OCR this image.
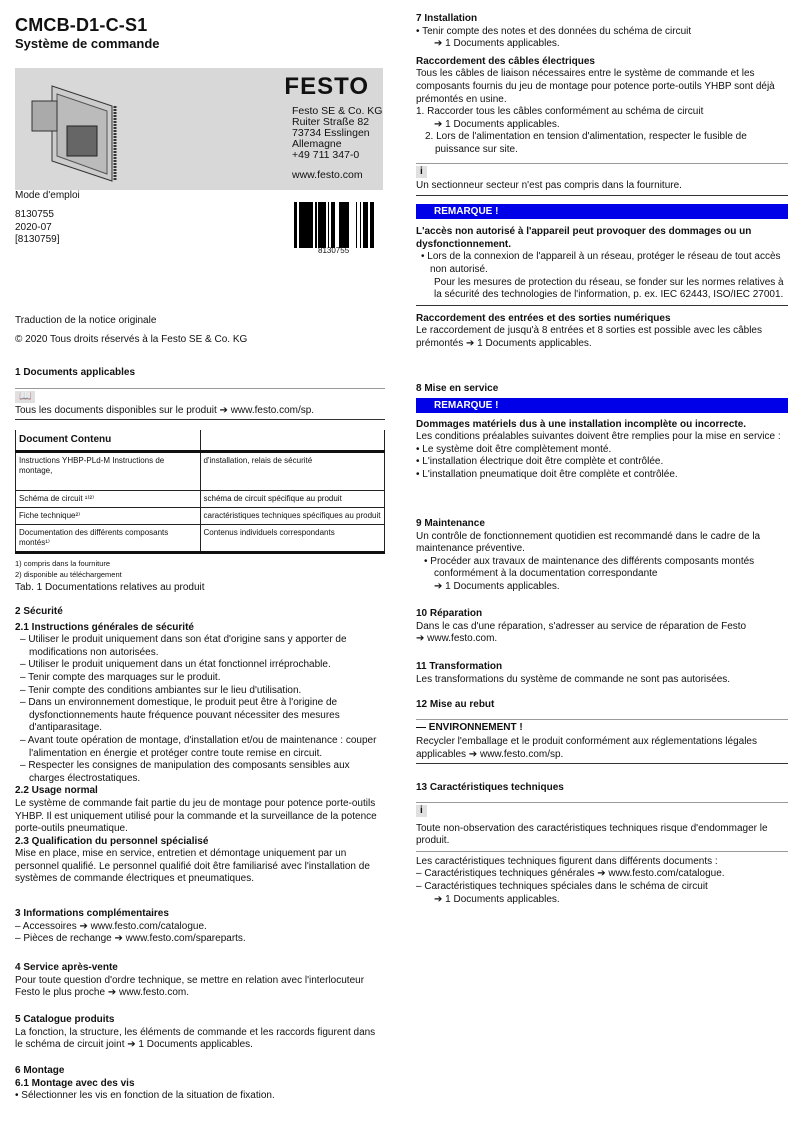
CMCB-D1-C-S1
Système de commande
FESTO
Festo SE & Co. KG
Ruiter Straße 82
73734 Esslingen
Allemagne
+49 711 347-0
www.festo.com
Mode d'emploi
8130755
2020-07
[8130759]
8130755
Traduction de la notice originale
© 2020 Tous droits réservés à la Festo SE & Co. KG
1 Documents applicables
📖
Tous les documents disponibles sur le produit ➔ www.festo.com/sp.
Document Contenu	
Instructions YHBP-PLd-M Instructions de montage,	d'installation, relais de sécurité
Schéma de circuit ¹⁾²⁾	schéma de circuit spécifique au produit
Fiche technique²⁾	caractéristiques techniques spécifiques au produit
Documentation des différents composants montés¹⁾	Contenus individuels correspondants
1) compris dans la fourniture
2) disponible au téléchargement
Tab. 1 Documentations relatives au produit
2 Sécurité
2.1 Instructions générales de sécurité
– Utiliser le produit uniquement dans son état d'origine sans y apporter de modifications non autorisées.
– Utiliser le produit uniquement dans un état fonctionnel irréprochable.
– Tenir compte des marquages sur le produit.
– Tenir compte des conditions ambiantes sur le lieu d'utilisation.
– Dans un environnement domestique, le produit peut être à l'origine de dysfonctionnements haute fréquence pouvant nécessiter des mesures d'antiparasitage.
– Avant toute opération de montage, d'installation et/ou de maintenance : couper l'alimentation en énergie et protéger contre toute remise en circuit.
– Respecter les consignes de manipulation des composants sensibles aux charges électrostatiques.
2.2 Usage normal
Le système de commande fait partie du jeu de montage pour potence porte-outils YHBP. Il est uniquement utilisé pour la commande et la surveillance de la potence porte-outils pneumatique.
2.3 Qualification du personnel spécialisé
Mise en place, mise en service, entretien et démontage uniquement par un personnel qualifié. Le personnel qualifié doit être familiarisé avec l'installation de systèmes de commande électriques et pneumatiques.
3 Informations complémentaires
– Accessoires ➔ www.festo.com/catalogue.
– Pièces de rechange ➔ www.festo.com/spareparts.
4 Service après-vente
Pour toute question d'ordre technique, se mettre en relation avec l'interlocuteur Festo le plus proche ➔ www.festo.com.
5 Catalogue produits
La fonction, la structure, les éléments de commande et les raccords figurent dans le schéma de circuit joint ➔ 1 Documents applicables.
6 Montage
6.1 Montage avec des vis
• Sélectionner les vis en fonction de la situation de fixation.
7 Installation
• Tenir compte des notes et des données du schéma de circuit
➔ 1 Documents applicables.
Raccordement des câbles électriques
Tous les câbles de liaison nécessaires entre le système de commande et les composants fournis du jeu de montage pour potence porte-outils YHBP sont déjà prémontés en usine.
1. Raccorder tous les câbles conformément au schéma de circuit
➔ 1 Documents applicables.
2. Lors de l'alimentation en tension d'alimentation, respecter le fusible de puissance sur site.
i
Un sectionneur secteur n'est pas compris dans la fourniture.
REMARQUE !
L'accès non autorisé à l'appareil peut provoquer des dommages ou un dysfonctionnement.
• Lors de la connexion de l'appareil à un réseau, protéger le réseau de tout accès non autorisé.
Pour les mesures de protection du réseau, se fonder sur les normes relatives à la sécurité des technologies de l'information, p. ex. IEC 62443, ISO/IEC 27001.
Raccordement des entrées et des sorties numériques
Le raccordement de jusqu'à 8 entrées et 8 sorties est possible avec les câbles prémontés ➔ 1 Documents applicables.
8 Mise en service
REMARQUE !
Dommages matériels dus à une installation incomplète ou incorrecte.
Les conditions préalables suivantes doivent être remplies pour la mise en service :
• Le système doit être complètement monté.
• L'installation électrique doit être complète et contrôlée.
• L'installation pneumatique doit être complète et contrôlée.
9 Maintenance
Un contrôle de fonctionnement quotidien est recommandé dans le cadre de la maintenance préventive.
• Procéder aux travaux de maintenance des différents composants montés conformément à la documentation correspondante
➔ 1 Documents applicables.
10 Réparation
Dans le cas d'une réparation, s'adresser au service de réparation de Festo
➔ www.festo.com.
11 Transformation
Les transformations du système de commande ne sont pas autorisées.
12 Mise au rebut
— ENVIRONNEMENT !
Recycler l'emballage et le produit conformément aux réglementations légales applicables ➔ www.festo.com/sp.
13 Caractéristiques techniques
i
Toute non-observation des caractéristiques techniques risque d'endommager le produit.
Les caractéristiques techniques figurent dans différents documents :
– Caractéristiques techniques générales ➔ www.festo.com/catalogue.
– Caractéristiques techniques spéciales dans le schéma de circuit
➔ 1 Documents applicables.
